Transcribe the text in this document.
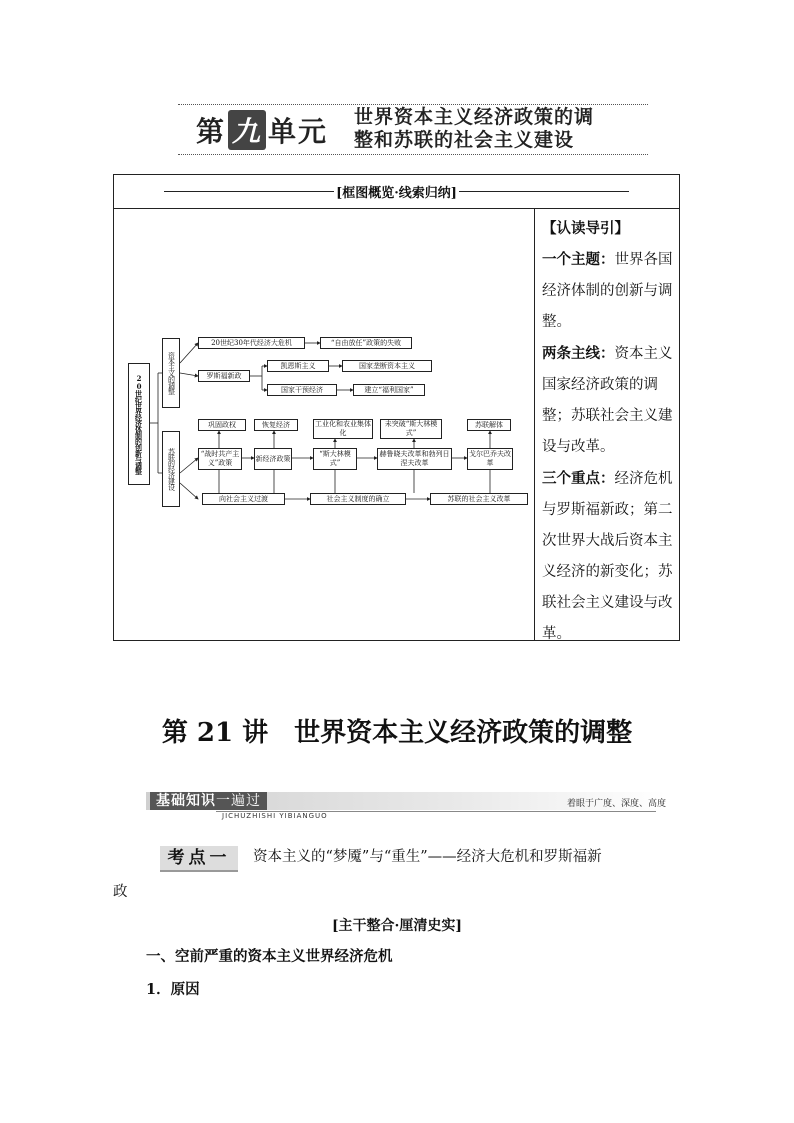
第 九 单元 世界资本主义经济政策的调
整和苏联的社会主义建设
[框图概览·线索归纳]
20世纪世界经济体制的创新与调整
资本主义的调整
苏联的经济建设
20世纪30年代经济大危机	“自由放任”政策的失败
罗斯福新政
凯恩斯主义	国家垄断资本主义
国家干预经济	建立“福利国家”
巩固政权	恢复经济	工业化和农业集体化
未突破“斯大林模式”
苏联解体
“战时共产主义”政策
新经济政策
“斯大林模式”
赫鲁晓夫改革和勃列日涅夫改革
戈尔巴乔夫改革
向社会主义过渡	社会主义制度的确立	苏联的社会主义改革
【认读导引】
一个主题：世界各国经济体制的创新与调整。
两条主线：资本主义国家经济政策的调整；苏联社会主义建设与改革。
三个重点：经济危机与罗斯福新政；第二次世界大战后资本主义经济的新变化；苏联社会主义建设与改革。
第 21 讲　世界资本主义经济政策的调整
基础知识一遍过
JICHUZHISHI YIBIANGUO
着眼于广度、深度、高度
考点一	资本主义的“梦魇”与“重生”——经济大危机和罗斯福新
政
[主干整合·厘清史实]
一、空前严重的资本主义世界经济危机
1．原因
